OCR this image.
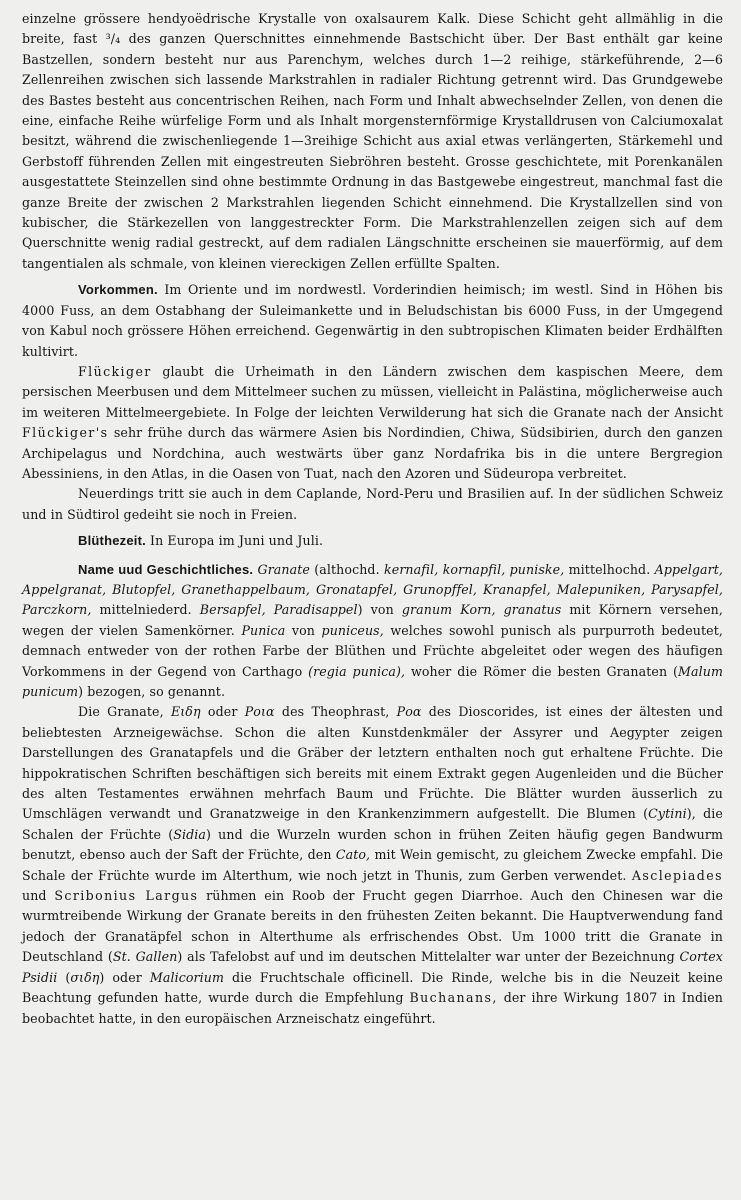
einzelne grössere hendyoëdrische Krystalle von oxalsaurem Kalk. Diese Schicht geht allmählig in die breite, fast ³/₄ des ganzen Querschnittes einnehmende Bastschicht über. Der Bast enthält gar keine Bastzellen, sondern besteht nur aus Parenchym, welches durch 1—2 reihige, stärkeführende, 2—6 Zellenreihen zwischen sich lassende Markstrahlen in radialer Richtung getrennt wird. Das Grundgewebe des Bastes besteht aus concentrischen Reihen, nach Form und Inhalt abwechselnder Zellen, von denen die eine, einfache Reihe würfelige Form und als Inhalt morgensternförmige Krystalldrusen von Calciumoxalat besitzt, während die zwischenliegende 1—3reihige Schicht aus axial etwas verlängerten, Stärkemehl und Gerbstoff führenden Zellen mit eingestreuten Siebröhren besteht. Grosse geschichtete, mit Porenkanälen ausgestattete Steinzellen sind ohne bestimmte Ordnung in das Bastgewebe eingestreut, manchmal fast die ganze Breite der zwischen 2 Markstrahlen liegenden Schicht einnehmend. Die Krystallzellen sind von kubischer, die Stärkezellen von langgestreckter Form. Die Markstrahlenzellen zeigen sich auf dem Querschnitte wenig radial gestreckt, auf dem radialen Längschnitte erscheinen sie mauerförmig, auf dem tangentialen als schmale, von kleinen viereckigen Zellen erfüllte Spalten.

Vorkommen. Im Oriente und im nordwestl. Vorderindien heimisch; im westl. Sind in Höhen bis 4000 Fuss, an dem Ostabhang der Suleimankette und in Beludschistan bis 6000 Fuss, in der Umgegend von Kabul noch grössere Höhen erreichend. Gegenwärtig in den subtropischen Klimaten beider Erdhälften kultivirt.

Flückiger glaubt die Urheimath in den Ländern zwischen dem kaspischen Meere, dem persischen Meerbusen und dem Mittelmeer suchen zu müssen, vielleicht in Palästina, möglicherweise auch im weiteren Mittelmeergebiete. In Folge der leichten Verwilderung hat sich die Granate nach der Ansicht Flückiger's sehr frühe durch das wärmere Asien bis Nordindien, Chiwa, Südsibirien, durch den ganzen Archipelagus und Nordchina, auch westwärts über ganz Nordafrika bis in die untere Bergregion Abessiniens, in den Atlas, in die Oasen von Tuat, nach den Azoren und Südeuropa verbreitet.

Neuerdings tritt sie auch in dem Caplande, Nord-Peru und Brasilien auf. In der südlichen Schweiz und in Südtirol gedeiht sie noch in Freien.

Blüthezeit. In Europa im Juni und Juli.

Name uud Geschichtliches. Granate (althochd. kernafil, kornapfil, puniske, mittelhochd. Appelgart, Appelgranat, Blutopfel, Granethappelbaum, Gronatapfel, Grunopffel, Kranapfel, Malepuniken, Parysapfel, Parczkorn, mittelniederd. Bersapfel, Paradisappel) von granum Korn, granatus mit Körnern versehen, wegen der vielen Samenkörner. Punica von puniceus, welches sowohl punisch als purpurroth bedeutet, demnach entweder von der rothen Farbe der Blüthen und Früchte abgeleitet oder wegen des häufigen Vorkommens in der Gegend von Carthago (regia punica), woher die Römer die besten Granaten (Malum punicum) bezogen, so genannt.

Die Granate, Ειδη oder Ροια des Theophrast, Ροα des Dioscorides, ist eines der ältesten und beliebtesten Arzneigewächse. Schon die alten Kunstdenkmäler der Assyrer und Aegypter zeigen Darstellungen des Granatapfels und die Gräber der letztern enthalten noch gut erhaltene Früchte. Die hippokratischen Schriften beschäftigen sich bereits mit einem Extrakt gegen Augenleiden und die Bücher des alten Testamentes erwähnen mehrfach Baum und Früchte. Die Blätter wurden äusserlich zu Umschlägen verwandt und Granatzweige in den Krankenzimmern aufgestellt. Die Blumen (Cytini), die Schalen der Früchte (Sidia) und die Wurzeln wurden schon in frühen Zeiten häufig gegen Bandwurm benutzt, ebenso auch der Saft der Früchte, den Cato, mit Wein gemischt, zu gleichem Zwecke empfahl. Die Schale der Früchte wurde im Alterthum, wie noch jetzt in Thunis, zum Gerben verwendet. Asclepiades und Scribonius Largus rühmen ein Roob der Frucht gegen Diarrhoe. Auch den Chinesen war die wurmtreibende Wirkung der Granate bereits in den frühesten Zeiten bekannt. Die Hauptverwendung fand jedoch der Granatäpfel schon in Alterthume als erfrischendes Obst. Um 1000 tritt die Granate in Deutschland (St. Gallen) als Tafelobst auf und im deutschen Mittelalter war unter der Bezeichnung Cortex Psidii (σιδη) oder Malicorium die Fruchtschale officinell. Die Rinde, welche bis in die Neuzeit keine Beachtung gefunden hatte, wurde durch die Empfehlung Buchanans, der ihre Wirkung 1807 in Indien beobachtet hatte, in den europäischen Arzneischatz eingeführt.
